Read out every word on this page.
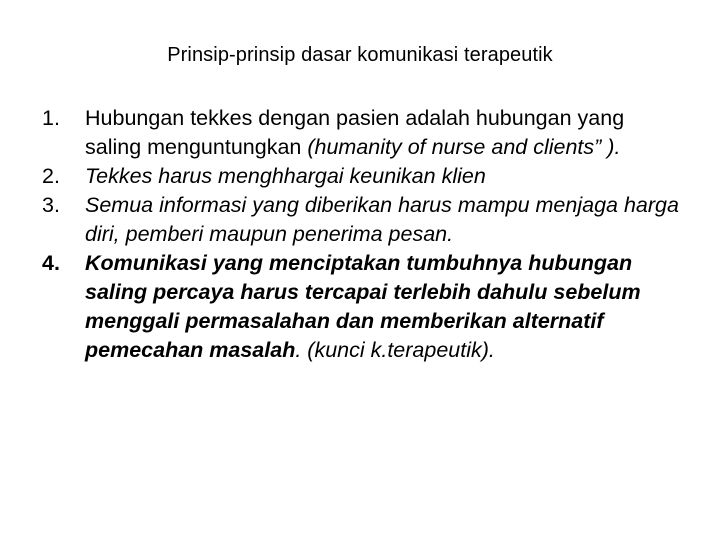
Prinsip-prinsip dasar komunikasi terapeutik
1.	Hubungan tekkes dengan pasien adalah hubungan yang saling menguntungkan (humanity of nurse and clients” ).
2.	Tekkes harus menghhargai keunikan klien
3.	Semua informasi yang diberikan harus mampu menjaga harga diri, pemberi maupun penerima pesan.
4.	Komunikasi yang menciptakan tumbuhnya hubungan saling percaya harus tercapai terlebih dahulu sebelum menggali permasalahan dan memberikan alternatif pemecahan masalah. (kunci k.terapeutik).
